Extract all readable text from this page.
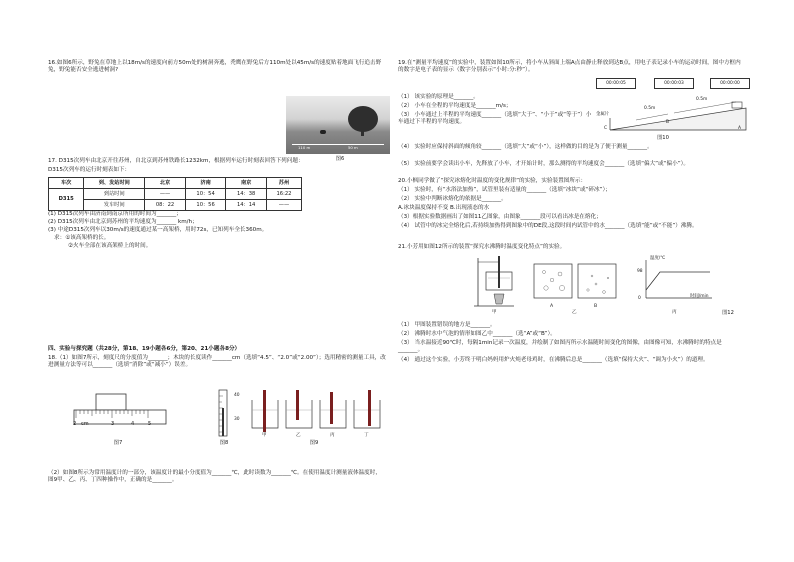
16.如图6所示，野兔在草地上以18m/s的速度向前方50m处的树洞奔逃，秃鹰在野兔后方110m处以45m/s的速度贴着地面飞行追击野兔，野兔能否安全逃进树洞?

110 m	50 m
图6

17. D315次列车由北京开往苏州，自北京到苏州铁路长1232km，根据列车运行时刻表回答下列问题：

D315次列车的运行时刻表如下：

车次	到、发站时间	北京	济南	南京	苏州
D315	到站时间	——	10：54	14：38	16:22
	发车时间	08：22	10：56	14：14	——

(1) D315次列车由济南到南京所用的时间为_______；

(2) D315次列车由北京到苏州的平均速度为_______ km/h；

(3) 中途D315次列车以30m/s的速度通过某一高架桥，用时72s，已知列车全长360m。

求：①该高架桥的长。

②火车全部在该高架桥上的时间。

四、实验与探究题（共28分，第18、19小题各6分，第20、21小题各8分）

18.（1）如图7所示，刻度尺的分度值为_______；木块的长度读作_______cm（选填“4.5”、“2.0”或“2.00”）；选用精密的测量工具，改进测量方法等可以_______（选填“消除”或“减小”）误差。

2 cm	3	4	5
图7
40
30
图8
甲	乙	丙	丁
图9

（2）如图8所示为常用温度计的一部分，该温度计的最小分度值为_______℃，此时读数为_______℃。在使用温度计测量液体温度时，图9甲、乙、丙、丁四种操作中，正确的是_______。

19.在“测量平均速度”的实验中，装置如图10所示，将小车从斜面上端A点由静止释放到达B点，用电子表记录小车的运动时间，图中方框内的数字是电子表的显示（数字分别表示“小时:分:秒”）。

00:00:05	00:00:03	00:00:00
金属片
0.5m
0.5m
C
B
A
图10

（1） 该实验的原理是_______。

（2） 小车在全程的平均速度是_______m/s；

（3） 小车通过上半程的平均速度_______（选填“大于”、“小于”或“等于”）小车通过下半程的平均速度。

（4） 实验时应保持斜面的倾角较_______（选填“大”或“小”），这样做的目的是为了便于测量_______。

（5） 实验前要学会读出小车，先释放了小车，才开始计时，那么测得的平均速度会_______（选填“偏大”或“偏小”）。

20.小枫同学做了“探究冰熔化时温度的变化规律”的实验，实验装置图所示：

（1） 实验时，有“水浴法加热”，试管里装有适量的_______（选填“冰块”或“碎冰”）；

（2） 实验中判断冰熔化的依据是_______。

A.冰块温度保持不变 B.出现液态的水

（3）根据实验数据画出了如图11乙图象，由图象_______段可以看出冰是在熔化；

（4） 试管中的冰完全熔化后,若持续加热得到图象中的DE段,这段时间内试管中的水_______（选填“能”或“不能”）沸腾。

21.小芳用如图12所示的装置“探究水沸腾时温度变化特点”的实验。

甲
A	B
乙
温度/℃
98
0	时间/min
丙	图12

（1） 甲图装置错误的地方是_______。

（2） 沸腾时水中气泡的情形如图乙中_______（选“A”或“B”）。

（3） 当水温接近90℃时，每隔1min记录一次温度，并绘制了如图丙所示水温随时间变化的图像，由图像可知，水沸腾时的特点是_______。

（4） 通过这个实验，小芳终于明白妈妈用炉火炖老母鸡时，在沸腾后总是_______（选填“保持大火”、“调为小火”）的道理。
